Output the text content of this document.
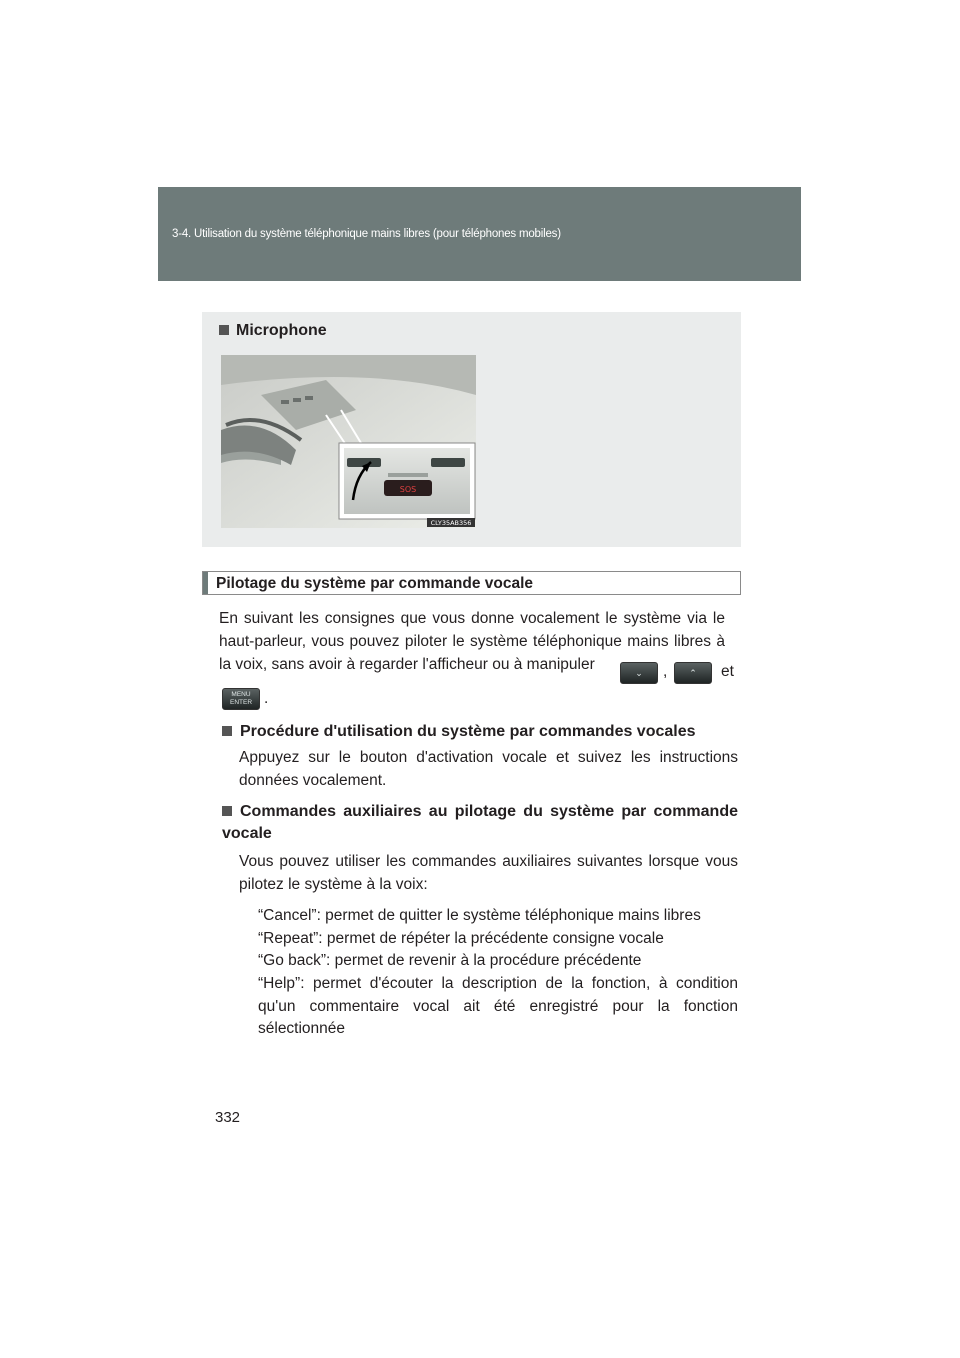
3-4. Utilisation du système téléphonique mains libres (pour téléphones mobiles)
Microphone
SOS
CLY35AB356
Pilotage du système par commande vocale

En suivant les consignes que vous donne vocalement le système via le haut-parleur, vous pouvez piloter le système téléphonique mains libres à la voix, sans avoir à regarder l'afficheur ou à manipuler	⌄	,	⌃	et
MENU
ENTER .

Procédure d'utilisation du système par commandes vocales

Appuyez sur le bouton d'activation vocale et suivez les instructions données vocalement.

Commandes auxiliaires au pilotage du système par commande vocale

Vous pouvez utiliser les commandes auxiliaires suivantes lorsque vous pilotez le système à la voix:

“Cancel”: permet de quitter le système téléphonique mains libres

“Repeat”: permet de répéter la précédente consigne vocale

“Go back”: permet de revenir à la procédure précédente

“Help”: permet d'écouter la description de la fonction, à condition qu'un commentaire vocal ait été enregistré pour la fonction sélectionnée

332
